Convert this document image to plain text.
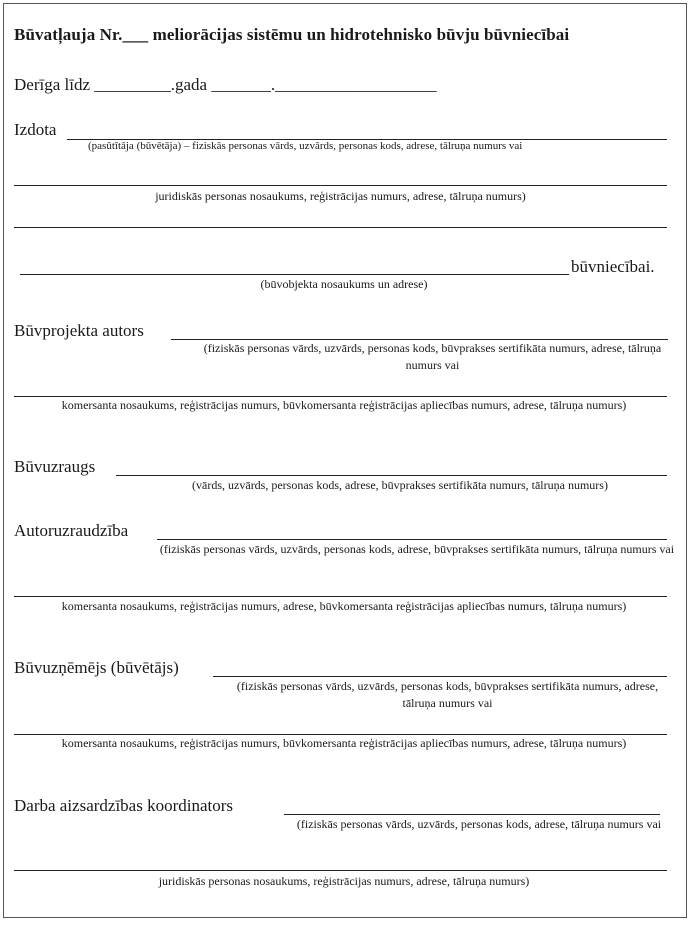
Būvatļauja Nr.___ meliorācijas sistēmu un hidrotehnisko būvju būvniecībai
Derīga līdz _________.gada _______.___________________
Izdota
(pasūtītāja (būvētāja) – fiziskās personas vārds, uzvārds, personas kods, adrese, tālruņa numurs vai
juridiskās personas nosaukums, reģistrācijas numurs, adrese, tālruņa numurs)
būvniecībai.
(būvobjekta nosaukums un adrese)
Būvprojekta autors
(fiziskās personas vārds, uzvārds, personas kods, būvprakses sertifikāta numurs, adrese, tālruņa numurs vai
komersanta nosaukums, reģistrācijas numurs, būvkomersanta reģistrācijas apliecības numurs, adrese, tālruņa numurs)
Būvuzraugs
(vārds, uzvārds, personas kods, adrese, būvprakses sertifikāta numurs, tālruņa numurs)
Autoruzraudzība
(fiziskās personas vārds, uzvārds, personas kods, adrese, būvprakses sertifikāta numurs, tālruņa numurs vai
komersanta nosaukums, reģistrācijas numurs, adrese, būvkomersanta reģistrācijas apliecības numurs, tālruņa numurs)
Būvuzņēmējs (būvētājs)
(fiziskās personas vārds, uzvārds, personas kods, būvprakses sertifikāta numurs, adrese, tālruņa numurs vai
komersanta nosaukums, reģistrācijas numurs, būvkomersanta reģistrācijas apliecības numurs, adrese, tālruņa numurs)
Darba aizsardzības koordinators
(fiziskās personas vārds, uzvārds, personas kods, adrese, tālruņa numurs vai
juridiskās personas nosaukums, reģistrācijas numurs, adrese, tālruņa numurs)
